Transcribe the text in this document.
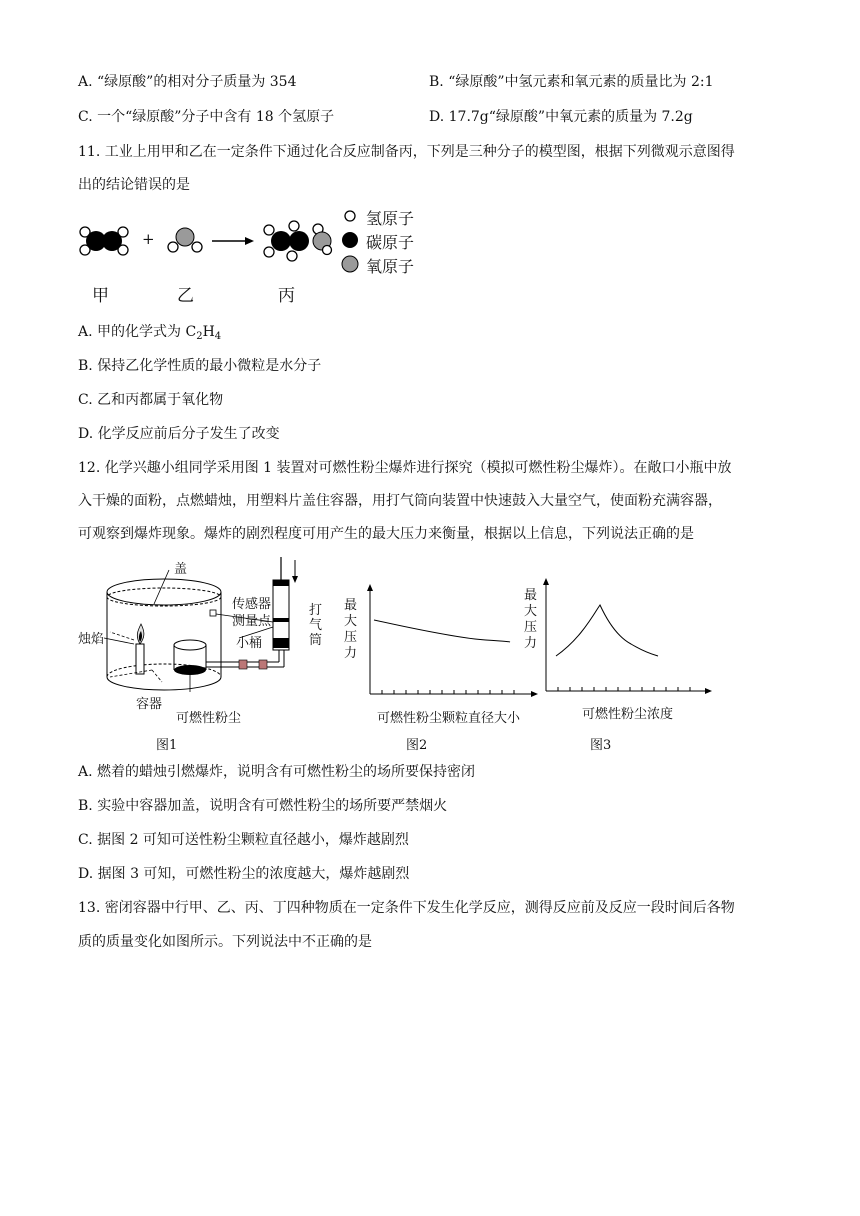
A. “绿原酸”的相对分子质量为 354	B. “绿原酸”中氢元素和氧元素的质量比为 2:1
C. 一个“绿原酸”分子中含有 18 个氢原子	D. 17.7g“绿原酸”中氧元素的质量为 7.2g
11. 工业上用甲和乙在一定条件下通过化合反应制备丙，下列是三种分子的模型图，根据下列微观示意图得
出的结论错误的是
+
氢原子
碳原子
氧原子
甲	乙	丙
A. 甲的化学式为 $C_2H_4$
B. 保持乙化学性质的最小微粒是水分子
C. 乙和丙都属于氧化物
D. 化学反应前后分子发生了改变
12. 化学兴趣小组同学采用图 1 装置对可燃性粉尘爆炸进行探究（模拟可燃性粉尘爆炸）。在敞口小瓶中放
入干燥的面粉，点燃蜡烛，用塑料片盖住容器，用打气筒向装置中快速鼓入大量空气，使面粉充满容器，
可观察到爆炸现象。爆炸的剧烈程度可用产生的最大压力来衡量，根据以上信息，下列说法正确的是
盖
传感器
测量点
烛焰	小桶
容器
可燃性粉尘
打
气
筒
图1
最
大
压
力
可燃性粉尘颗粒直径大小
图2
最
大
压
力
可燃性粉尘浓度
图3
A. 燃着的蜡烛引燃爆炸，说明含有可燃性粉尘的场所要保持密闭
B. 实验中容器加盖，说明含有可燃性粉尘的场所要严禁烟火
C. 据图 2 可知可送性粉尘颗粒直径越小，爆炸越剧烈
D. 据图 3 可知，可燃性粉尘的浓度越大，爆炸越剧烈
13. 密闭容器中行甲、乙、丙、丁四种物质在一定条件下发生化学反应，测得反应前及反应一段时间后各物
质的质量变化如图所示。下列说法中不正确的是
